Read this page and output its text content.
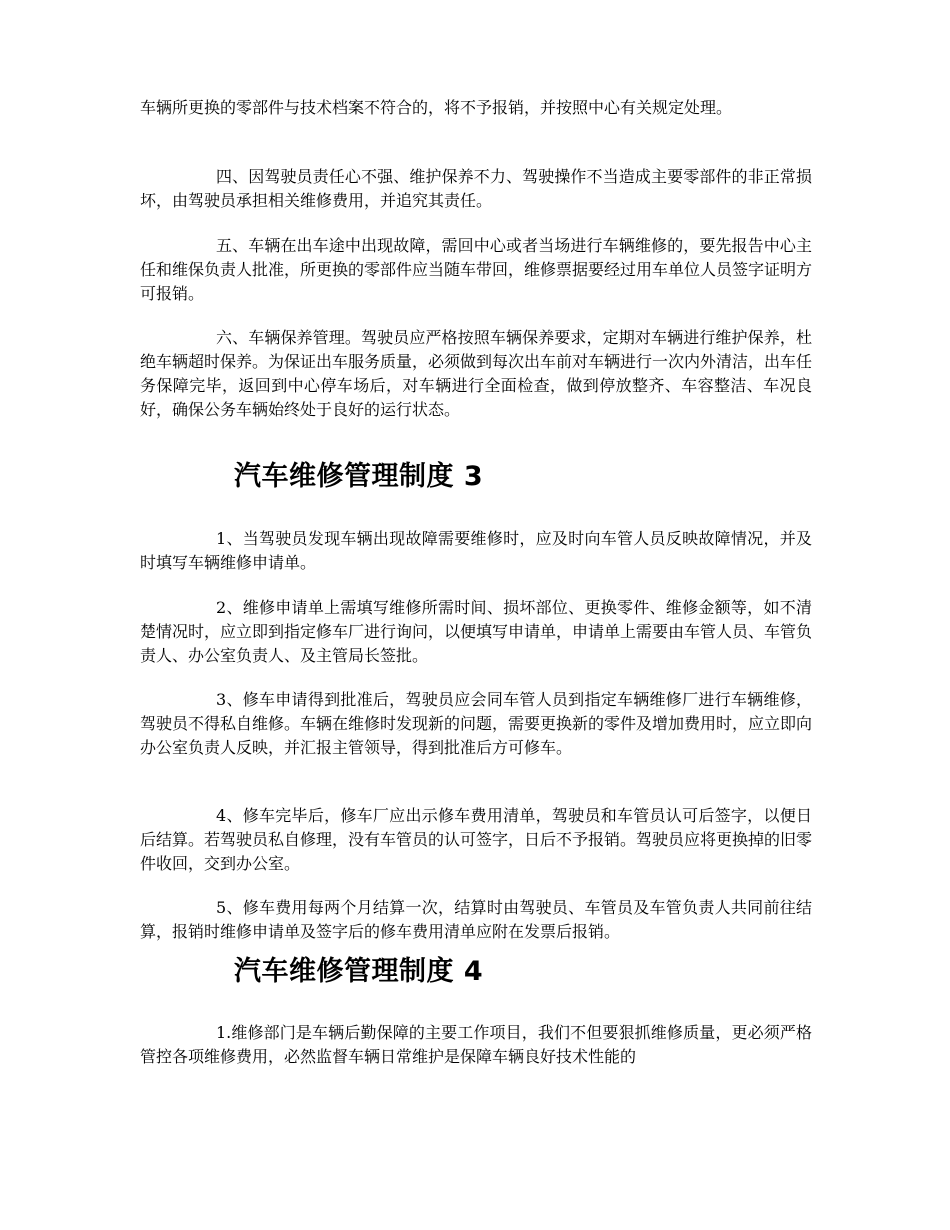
车辆所更换的零部件与技术档案不符合的，将不予报销，并按照中心有关规定处理。

四、因驾驶员责任心不强、维护保养不力、驾驶操作不当造成主要零部件的非正常损坏，由驾驶员承担相关维修费用，并追究其责任。

五、车辆在出车途中出现故障，需回中心或者当场进行车辆维修的，要先报告中心主任和维保负责人批准，所更换的零部件应当随车带回，维修票据要经过用车单位人员签字证明方可报销。

六、车辆保养管理。驾驶员应严格按照车辆保养要求，定期对车辆进行维护保养，杜绝车辆超时保养。为保证出车服务质量，必须做到每次出车前对车辆进行一次内外清洁，出车任务保障完毕，返回到中心停车场后，对车辆进行全面检查，做到停放整齐、车容整洁、车况良好，确保公务车辆始终处于良好的运行状态。

汽车维修管理制度 3

1、当驾驶员发现车辆出现故障需要维修时，应及时向车管人员反映故障情况，并及时填写车辆维修申请单。

2、维修申请单上需填写维修所需时间、损坏部位、更换零件、维修金额等，如不清楚情况时，应立即到指定修车厂进行询问，以便填写申请单，申请单上需要由车管人员、车管负责人、办公室负责人、及主管局长签批。

3、修车申请得到批准后，驾驶员应会同车管人员到指定车辆维修厂进行车辆维修，驾驶员不得私自维修。车辆在维修时发现新的问题，需要更换新的零件及增加费用时，应立即向办公室负责人反映，并汇报主管领导，得到批准后方可修车。

4、修车完毕后，修车厂应出示修车费用清单，驾驶员和车管员认可后签字，以便日后结算。若驾驶员私自修理，没有车管员的认可签字，日后不予报销。驾驶员应将更换掉的旧零件收回，交到办公室。

5、修车费用每两个月结算一次，结算时由驾驶员、车管员及车管负责人共同前往结算，报销时维修申请单及签字后的修车费用清单应附在发票后报销。

汽车维修管理制度 4

1.维修部门是车辆后勤保障的主要工作项目，我们不但要狠抓维修质量，更必须严格管控各项维修费用，必然监督车辆日常维护是保障车辆良好技术性能的
